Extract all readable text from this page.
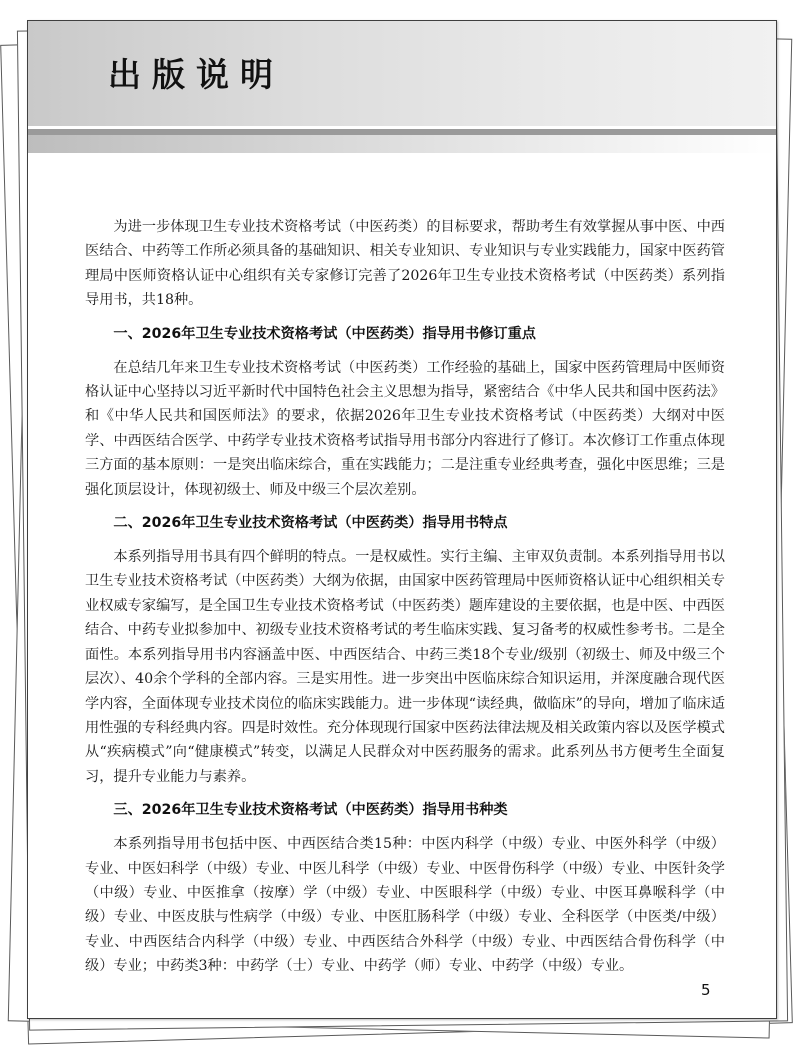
出版说明

为进一步体现卫生专业技术资格考试（中医药类）的目标要求，帮助考生有效掌握从事中医、中西医结合、中药等工作所必须具备的基础知识、相关专业知识、专业知识与专业实践能力，国家中医药管理局中医师资格认证中心组织有关专家修订完善了2026年卫生专业技术资格考试（中医药类）系列指导用书，共18种。

一、2026年卫生专业技术资格考试（中医药类）指导用书修订重点

在总结几年来卫生专业技术资格考试（中医药类）工作经验的基础上，国家中医药管理局中医师资格认证中心坚持以习近平新时代中国特色社会主义思想为指导，紧密结合《中华人民共和国中医药法》和《中华人民共和国医师法》的要求，依据2026年卫生专业技术资格考试（中医药类）大纲对中医学、中西医结合医学、中药学专业技术资格考试指导用书部分内容进行了修订。本次修订工作重点体现三方面的基本原则：一是突出临床综合，重在实践能力；二是注重专业经典考查，强化中医思维；三是强化顶层设计，体现初级士、师及中级三个层次差别。

二、2026年卫生专业技术资格考试（中医药类）指导用书特点

本系列指导用书具有四个鲜明的特点。一是权威性。实行主编、主审双负责制。本系列指导用书以卫生专业技术资格考试（中医药类）大纲为依据，由国家中医药管理局中医师资格认证中心组织相关专业权威专家编写，是全国卫生专业技术资格考试（中医药类）题库建设的主要依据，也是中医、中西医结合、中药专业拟参加中、初级专业技术资格考试的考生临床实践、复习备考的权威性参考书。二是全面性。本系列指导用书内容涵盖中医、中西医结合、中药三类18个专业/级别（初级士、师及中级三个层次）、40余个学科的全部内容。三是实用性。进一步突出中医临床综合知识运用，并深度融合现代医学内容，全面体现专业技术岗位的临床实践能力。进一步体现“读经典，做临床”的导向，增加了临床适用性强的专科经典内容。四是时效性。充分体现现行国家中医药法律法规及相关政策内容以及医学模式从“疾病模式”向“健康模式”转变，以满足人民群众对中医药服务的需求。此系列丛书方便考生全面复习，提升专业能力与素养。

三、2026年卫生专业技术资格考试（中医药类）指导用书种类

本系列指导用书包括中医、中西医结合类15种：中医内科学（中级）专业、中医外科学（中级）专业、中医妇科学（中级）专业、中医儿科学（中级）专业、中医骨伤科学（中级）专业、中医针灸学（中级）专业、中医推拿（按摩）学（中级）专业、中医眼科学（中级）专业、中医耳鼻喉科学（中级）专业、中医皮肤与性病学（中级）专业、中医肛肠科学（中级）专业、全科医学（中医类/中级）专业、中西医结合内科学（中级）专业、中西医结合外科学（中级）专业、中西医结合骨伤科学（中级）专业；中药类3种：中药学（士）专业、中药学（师）专业、中药学（中级）专业。

5
